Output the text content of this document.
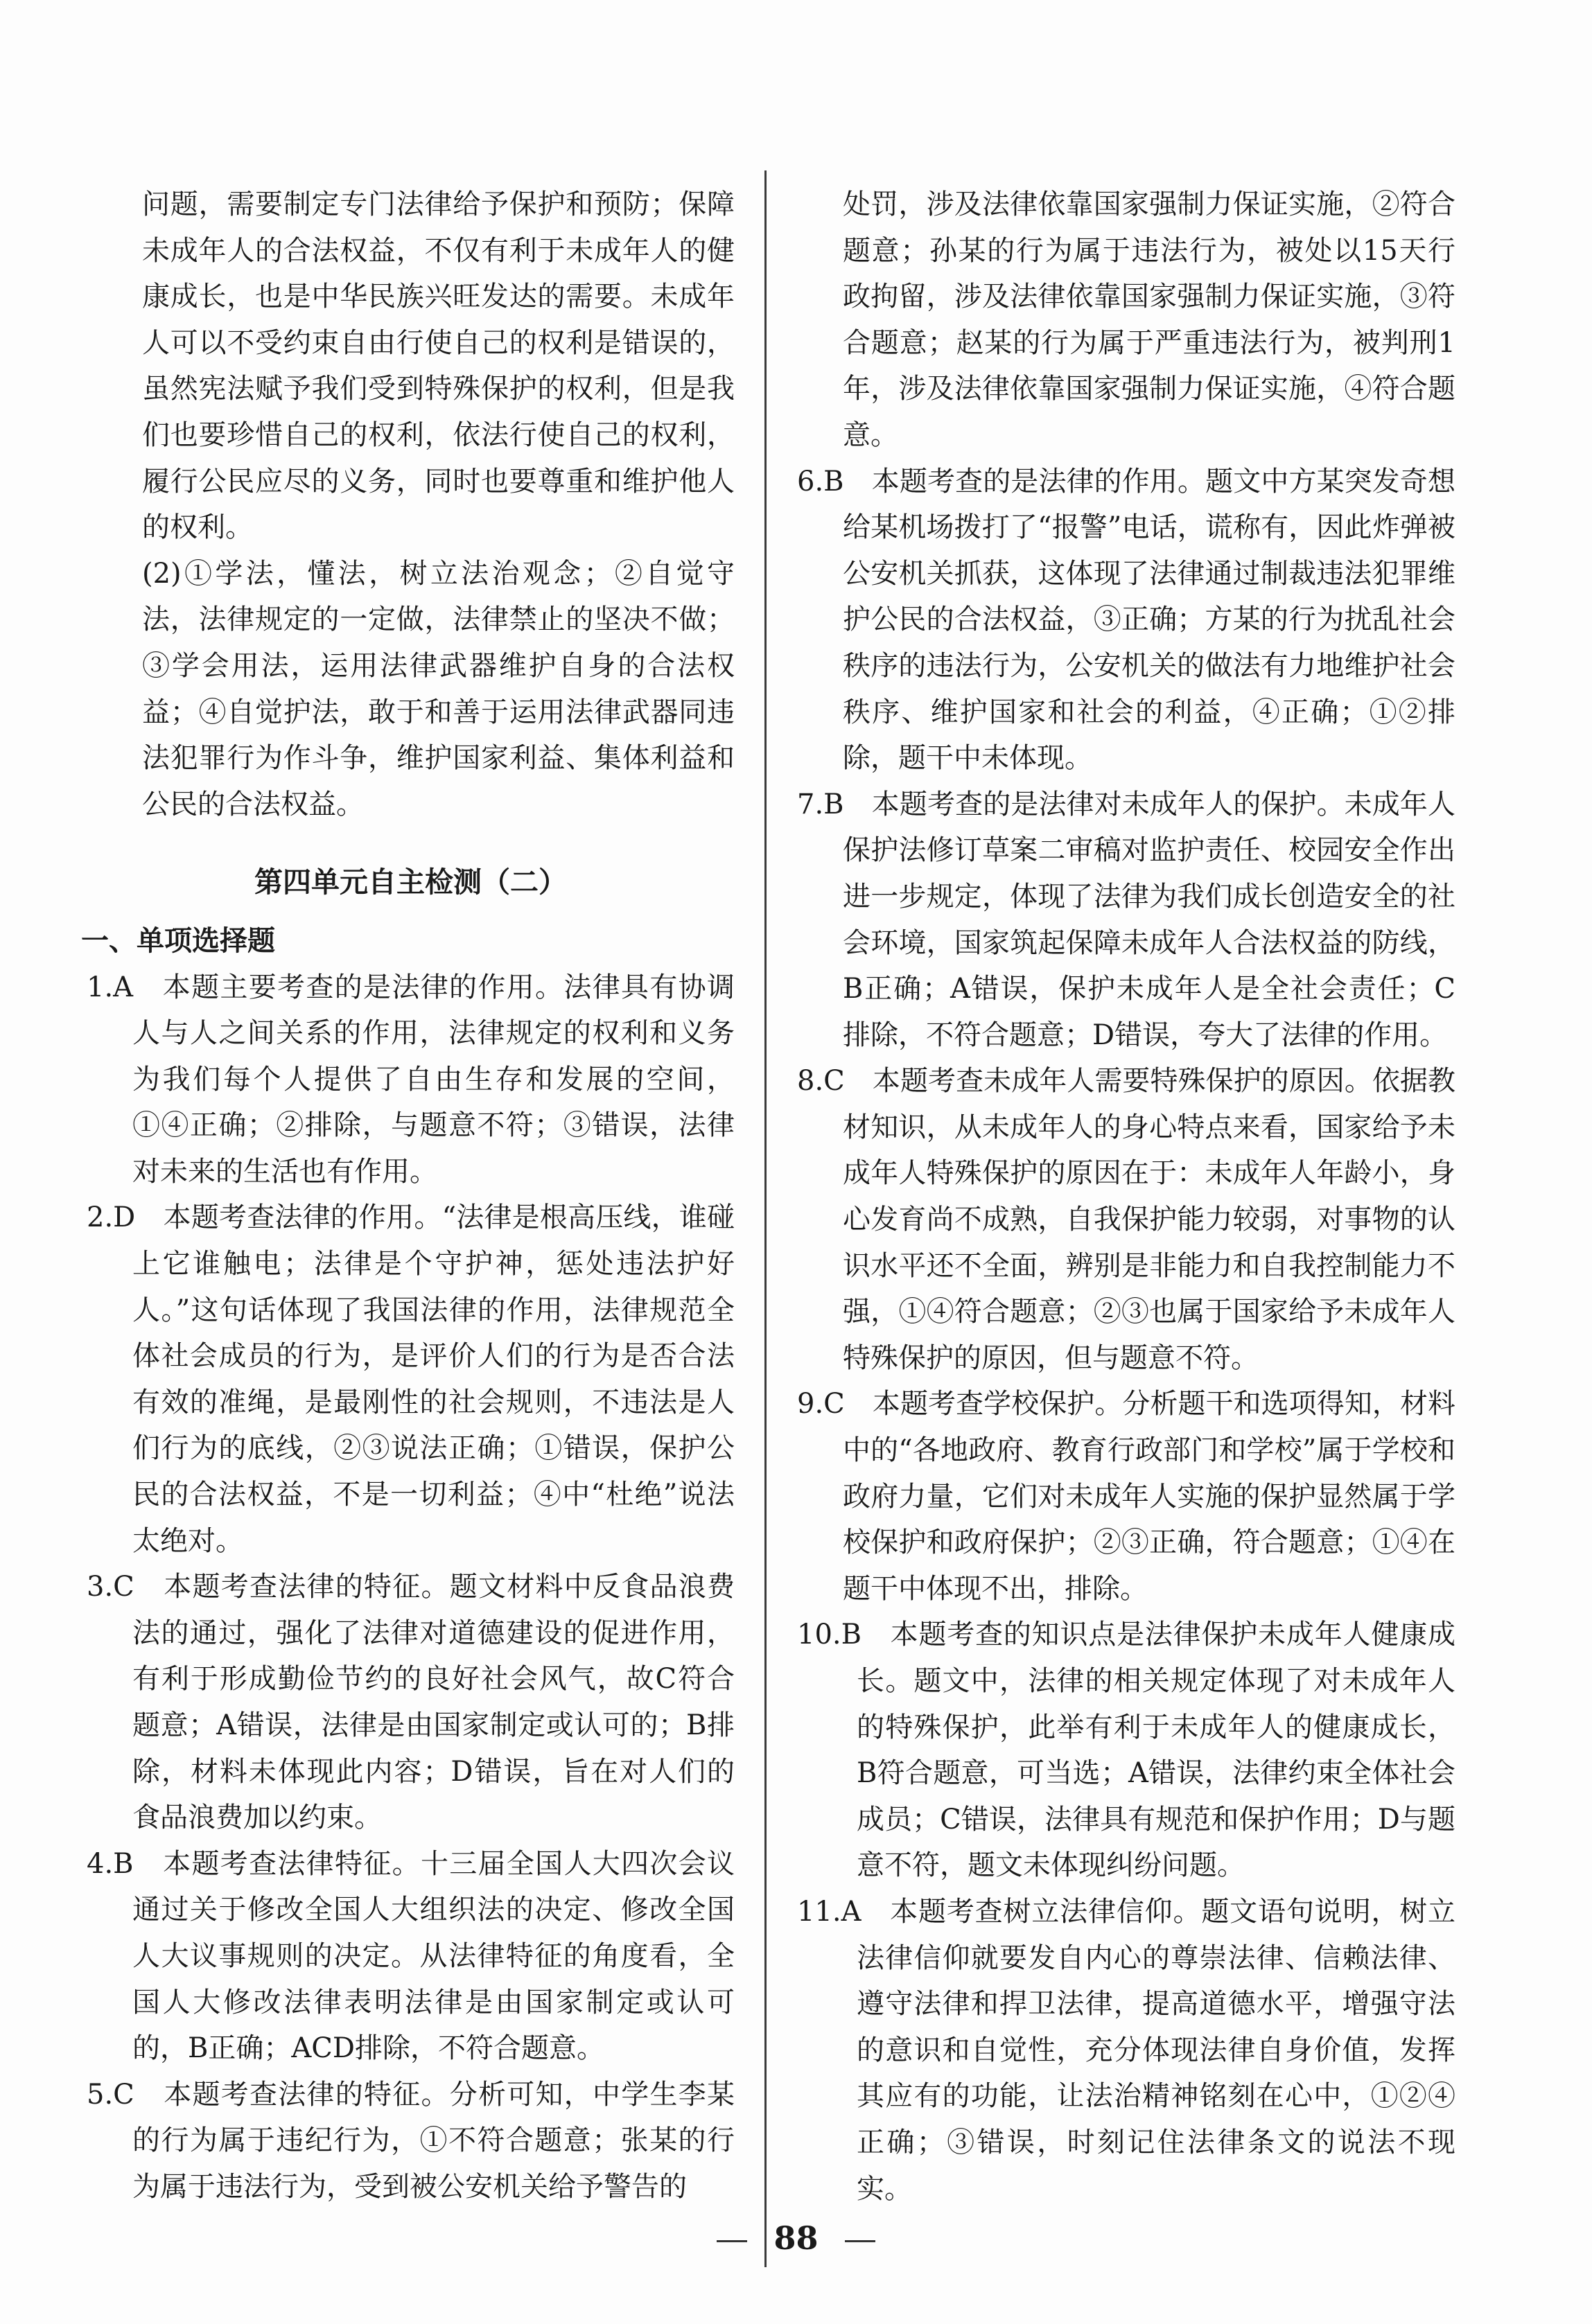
问题，需要制定专门法律给予保护和预防；保障未成年人的合法权益，不仅有利于未成年人的健康成长，也是中华民族兴旺发达的需要。未成年人可以不受约束自由行使自己的权利是错误的，虽然宪法赋予我们受到特殊保护的权利，但是我们也要珍惜自己的权利，依法行使自己的权利，履行公民应尽的义务，同时也要尊重和维护他人的权利。

(2)①学法，懂法，树立法治观念；②自觉守法，法律规定的一定做，法律禁止的坚决不做；③学会用法，运用法律武器维护自身的合法权益；④自觉护法，敢于和善于运用法律武器同违法犯罪行为作斗争，维护国家利益、集体利益和公民的合法权益。

第四单元自主检测（二）
一、单项选择题

1.A　 本题主要考查的是法律的作用。法律具有协调人与人之间关系的作用，法律规定的权利和义务为我们每个人提供了自由生存和发展的空间，①④正确；②排除，与题意不符；③错误，法律对未来的生活也有作用。

2.D　 本题考查法律的作用。“法律是根高压线，谁碰上它谁触电；法律是个守护神，惩处违法护好人。”这句话体现了我国法律的作用，法律规范全体社会成员的行为，是评价人们的行为是否合法有效的准绳，是最刚性的社会规则，不违法是人们行为的底线，②③说法正确；①错误，保护公民的合法权益，不是一切利益；④中“杜绝”说法太绝对。

3.C　 本题考查法律的特征。题文材料中反食品浪费法的通过，强化了法律对道德建设的促进作用，有利于形成勤俭节约的良好社会风气，故C符合题意；A错误，法律是由国家制定或认可的；B排除，材料未体现此内容；D错误，旨在对人们的食品浪费加以约束。

4.B　 本题考查法律特征。十三届全国人大四次会议通过关于修改全国人大组织法的决定、修改全国人大议事规则的决定。从法律特征的角度看，全国人大修改法律表明法律是由国家制定或认可的，B正确；ACD排除，不符合题意。

5.C　 本题考查法律的特征。分析可知，中学生李某的行为属于违纪行为，①不符合题意；张某的行为属于违法行为，受到被公安机关给予警告的

处罚，涉及法律依靠国家强制力保证实施，②符合题意；孙某的行为属于违法行为，被处以15天行政拘留，涉及法律依靠国家强制力保证实施，③符合题意；赵某的行为属于严重违法行为，被判刑1年，涉及法律依靠国家强制力保证实施，④符合题意。

6.B　 本题考查的是法律的作用。题文中方某突发奇想给某机场拨打了“报警”电话，谎称有，因此炸弹被公安机关抓获，这体现了法律通过制裁违法犯罪维护公民的合法权益，③正确；方某的行为扰乱社会秩序的违法行为，公安机关的做法有力地维护社会秩序、维护国家和社会的利益，④正确；①②排除，题干中未体现。

7.B　 本题考查的是法律对未成年人的保护。未成年人保护法修订草案二审稿对监护责任、校园安全作出进一步规定，体现了法律为我们成长创造安全的社会环境，国家筑起保障未成年人合法权益的防线，B正确；A错误，保护未成年人是全社会责任；C排除，不符合题意；D错误，夸大了法律的作用。

8.C　 本题考查未成年人需要特殊保护的原因。依据教材知识，从未成年人的身心特点来看，国家给予未成年人特殊保护的原因在于：未成年人年龄小，身心发育尚不成熟，自我保护能力较弱，对事物的认识水平还不全面，辨别是非能力和自我控制能力不强，①④符合题意；②③也属于国家给予未成年人特殊保护的原因，但与题意不符。

9.C　 本题考查学校保护。分析题干和选项得知，材料中的“各地政府、教育行政部门和学校”属于学校和政府力量，它们对未成年人实施的保护显然属于学校保护和政府保护；②③正确，符合题意；①④在题干中体现不出，排除。

10.B　 本题考查的知识点是法律保护未成年人健康成长。题文中，法律的相关规定体现了对未成年人的特殊保护，此举有利于未成年人的健康成长，B符合题意，可当选；A错误，法律约束全体社会成员；C错误，法律具有规范和保护作用；D与题意不符，题文未体现纠纷问题。

11.A　 本题考查树立法律信仰。题文语句说明，树立法律信仰就要发自内心的尊崇法律、信赖法律、遵守法律和捍卫法律，提高道德水平，增强守法的意识和自觉性，充分体现法律自身价值，发挥其应有的功能，让法治精神铭刻在心中，①②④正确；③错误，时刻记住法律条文的说法不现实。

88
